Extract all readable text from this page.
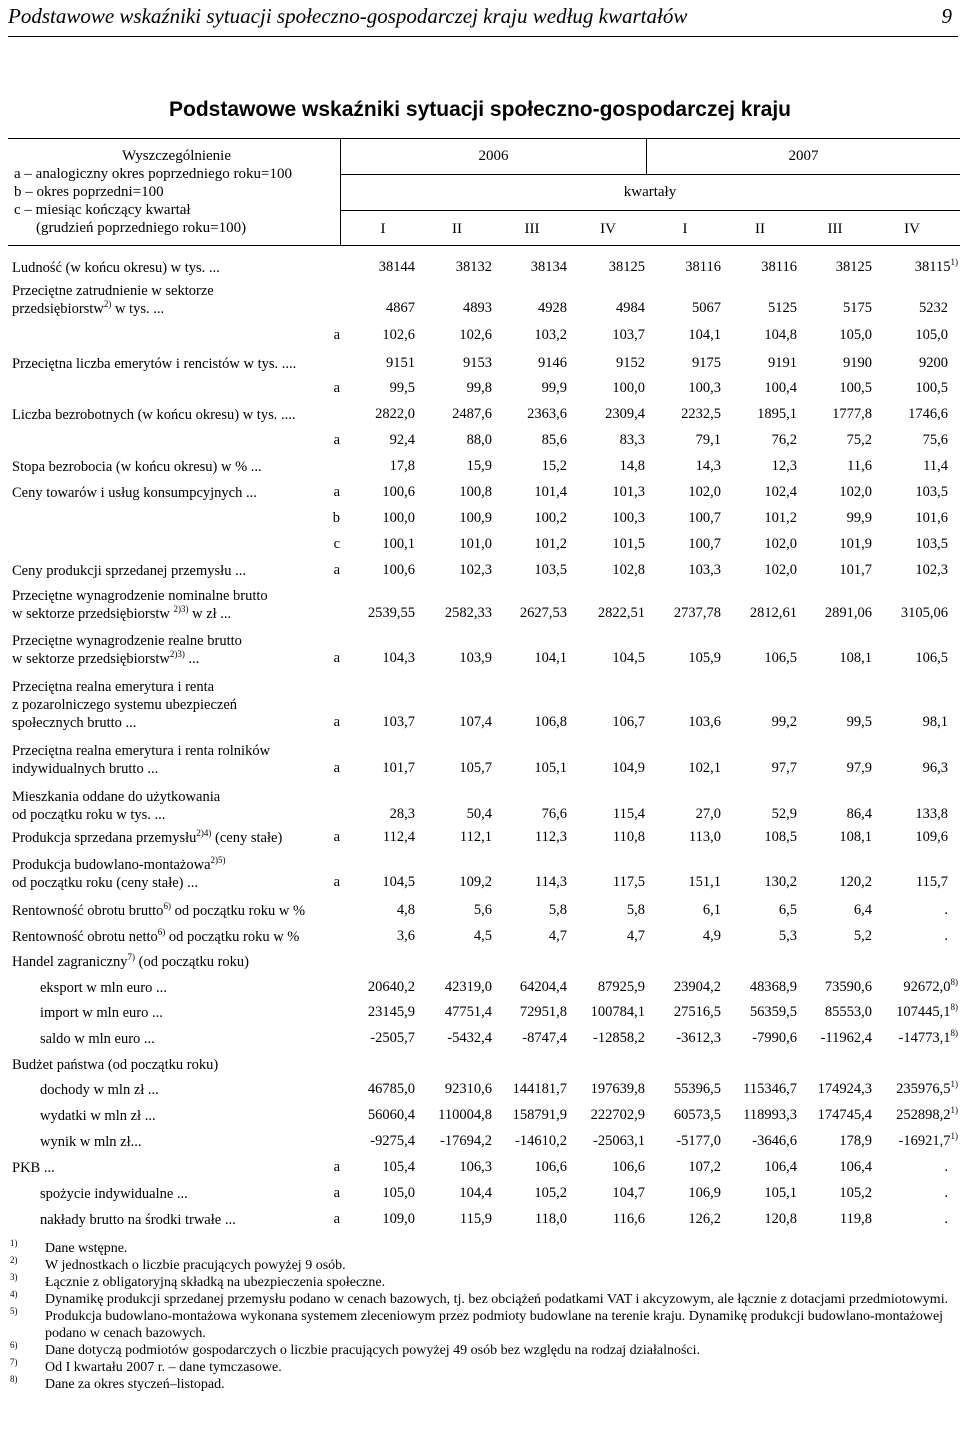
Podstawowe wskaźniki sytuacji społeczno-gospodarczej kraju według kwartałów	9
Podstawowe wskaźniki sytuacji społeczno-gospodarczej kraju
Wyszczególnienie
a – analogiczny okres poprzedniego roku=100
b – okres poprzedni=100
c – miesiąc kończący kwartał
(grudzień poprzedniego roku=100)
2006	2007
kwartały
I	II	III	IV	I	II	III	IV
Ludność (w końcu okresu) w tys. ...	38144	38132	38134	38125	38116	38116	38125	38115$^{1)}$
Przeciętne zatrudnienie w sektorze
przedsiębiorstw$^{2)}$ w tys. ...	4867	4893	4928	4984	5067	5125	5175	5232
a	102,6	102,6	103,2	103,7	104,1	104,8	105,0	105,0
Przeciętna liczba emerytów i rencistów w tys. ....	9151	9153	9146	9152	9175	9191	9190	9200
a	99,5	99,8	99,9	100,0	100,3	100,4	100,5	100,5
Liczba bezrobotnych (w końcu okresu) w tys. ....	2822,0	2487,6	2363,6	2309,4	2232,5	1895,1	1777,8	1746,6
a	92,4	88,0	85,6	83,3	79,1	76,2	75,2	75,6
Stopa bezrobocia (w końcu okresu) w % ...	17,8	15,9	15,2	14,8	14,3	12,3	11,6	11,4
Ceny towarów i usług konsumpcyjnych ...	a	100,6	100,8	101,4	101,3	102,0	102,4	102,0	103,5
b	100,0	100,9	100,2	100,3	100,7	101,2	99,9	101,6
c	100,1	101,0	101,2	101,5	100,7	102,0	101,9	103,5
Ceny produkcji sprzedanej przemysłu ...	a	100,6	102,3	103,5	102,8	103,3	102,0	101,7	102,3
Przeciętne wynagrodzenie nominalne brutto
w sektorze przedsiębiorstw $^{2)3)}$ w zł ...	2539,55	2582,33	2627,53	2822,51	2737,78	2812,61	2891,06	3105,06
Przeciętne wynagrodzenie realne brutto
w sektorze przedsiębiorstw$^{2)3)}$ ...	a	104,3	103,9	104,1	104,5	105,9	106,5	108,1	106,5
Przeciętna realna emerytura i renta
z pozarolniczego systemu ubezpieczeń
społecznych brutto ...	a	103,7	107,4	106,8	106,7	103,6	99,2	99,5	98,1
Przeciętna realna emerytura i renta rolników
indywidualnych brutto ...	a	101,7	105,7	105,1	104,9	102,1	97,7	97,9	96,3
Mieszkania oddane do użytkowania
od początku roku w tys. ...	28,3	50,4	76,6	115,4	27,0	52,9	86,4	133,8
Produkcja sprzedana przemysłu$^{2)4)}$ (ceny stałe)	a	112,4	112,1	112,3	110,8	113,0	108,5	108,1	109,6
Produkcja budowlano-montażowa$^{2)5)}$
od początku roku (ceny stałe) ...	a	104,5	109,2	114,3	117,5	151,1	130,2	120,2	115,7
Rentowność obrotu brutto$^{6)}$ od początku roku w %	4,8	5,6	5,8	5,8	6,1	6,5	6,4	.
Rentowność obrotu netto$^{6)}$ od początku roku w %	3,6	4,5	4,7	4,7	4,9	5,3	5,2	.
Handel zagraniczny$^{7)}$ (od początku roku)
eksport w mln euro ...	20640,2	42319,0	64204,4	87925,9	23904,2	48368,9	73590,6	92672,0$^{8)}$
import w mln euro ...	23145,9	47751,4	72951,8	100784,1	27516,5	56359,5	85553,0	107445,1$^{8)}$
saldo w mln euro ...	-2505,7	-5432,4	-8747,4	-12858,2	-3612,3	-7990,6	-11962,4	-14773,1$^{8)}$
Budżet państwa (od początku roku)
dochody w mln zł ...	46785,0	92310,6	144181,7	197639,8	55396,5	115346,7	174924,3	235976,5$^{1)}$
wydatki w mln zł ...	56060,4	110004,8	158791,9	222702,9	60573,5	118993,3	174745,4	252898,2$^{1)}$
wynik w mln zł...	-9275,4	-17694,2	-14610,2	-25063,1	-5177,0	-3646,6	178,9	-16921,7$^{1)}$
PKB ...	a	105,4	106,3	106,6	106,6	107,2	106,4	106,4	.
spożycie indywidualne ...	a	105,0	104,4	105,2	104,7	106,9	105,1	105,2	.
nakłady brutto na środki trwałe ...	a	109,0	115,9	118,0	116,6	126,2	120,8	119,8	.
1) Dane wstępne.
2) W jednostkach o liczbie pracujących powyżej 9 osób.
3) Łącznie z obligatoryjną składką na ubezpieczenia społeczne.
4) Dynamikę produkcji sprzedanej przemysłu podano w cenach bazowych, tj. bez obciążeń podatkami VAT i akcyzowym, ale łącznie z dotacjami przedmiotowymi.
5) Produkcja budowlano-montażowa wykonana systemem zleceniowym przez podmioty budowlane na terenie kraju. Dynamikę produkcji budowlano-montażowej podano w cenach bazowych.
6) Dane dotyczą podmiotów gospodarczych o liczbie pracujących powyżej 49 osób bez względu na rodzaj działalności.
7) Od I kwartału 2007 r. – dane tymczasowe.
8) Dane za okres styczeń–listopad.
